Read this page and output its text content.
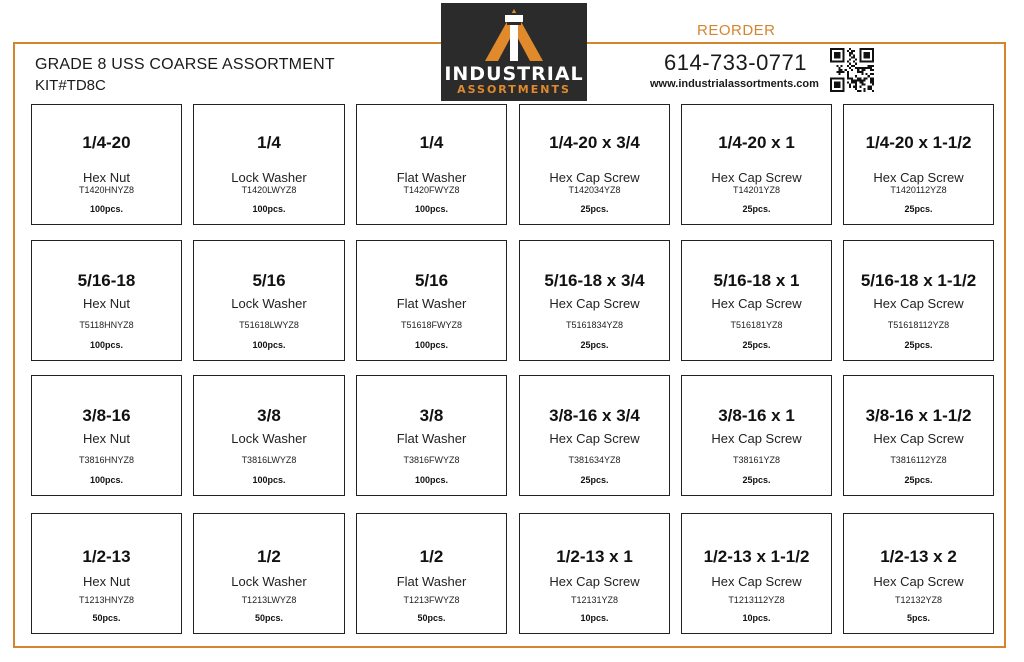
GRADE 8 USS COARSE ASSORTMENT
KIT#TD8C
INDUSTRIAL
ASSORTMENTS
REORDER
614-733-0771
www.industrialassortments.com
1/4-20
Hex Nut
T1420HNYZ8
100pcs.
1/4
Lock Washer
T1420LWYZ8
100pcs.
1/4
Flat Washer
T1420FWYZ8
100pcs.
1/4-20 x 3/4
Hex Cap Screw
T142034YZ8
25pcs.
1/4-20 x 1
Hex Cap Screw
T14201YZ8
25pcs.
1/4-20 x 1-1/2
Hex Cap Screw
T1420112YZ8
25pcs.
5/16-18
Hex Nut
T5118HNYZ8
100pcs.
5/16
Lock Washer
T51618LWYZ8
100pcs.
5/16
Flat Washer
T51618FWYZ8
100pcs.
5/16-18 x 3/4
Hex Cap Screw
T5161834YZ8
25pcs.
5/16-18 x 1
Hex Cap Screw
T516181YZ8
25pcs.
5/16-18 x 1-1/2
Hex Cap Screw
T51618112YZ8
25pcs.
3/8-16
Hex Nut
T3816HNYZ8
100pcs.
3/8
Lock Washer
T3816LWYZ8
100pcs.
3/8
Flat Washer
T3816FWYZ8
100pcs.
3/8-16 x 3/4
Hex Cap Screw
T381634YZ8
25pcs.
3/8-16 x 1
Hex Cap Screw
T38161YZ8
25pcs.
3/8-16 x 1-1/2
Hex Cap Screw
T3816112YZ8
25pcs.
1/2-13
Hex Nut
T1213HNYZ8
50pcs.
1/2
Lock Washer
T1213LWYZ8
50pcs.
1/2
Flat Washer
T1213FWYZ8
50pcs.
1/2-13 x 1
Hex Cap Screw
T12131YZ8
10pcs.
1/2-13 x 1-1/2
Hex Cap Screw
T1213112YZ8
10pcs.
1/2-13 x 2
Hex Cap Screw
T12132YZ8
5pcs.
